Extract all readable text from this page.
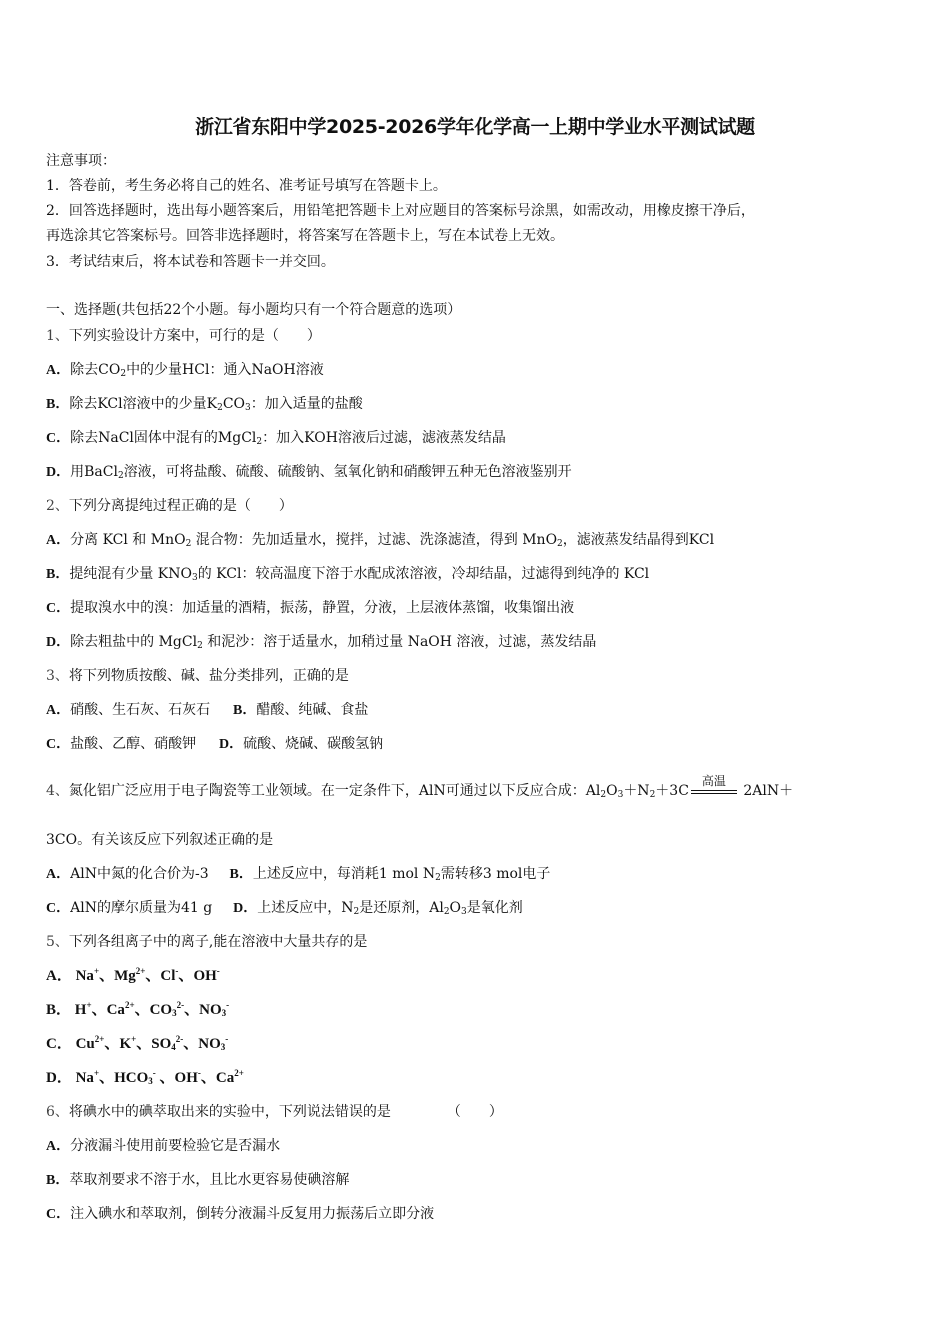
浙江省东阳中学2025-2026学年化学高一上期中学业水平测试试题
注意事项：
1．答卷前，考生务必将自己的姓名、准考证号填写在答题卡上。
2．回答选择题时，选出每小题答案后，用铅笔把答题卡上对应题目的答案标号涂黑，如需改动，用橡皮擦干净后，
再选涂其它答案标号。回答非选择题时，将答案写在答题卡上，写在本试卷上无效。
3．考试结束后，将本试卷和答题卡一并交回。
一、选择题(共包括22个小题。每小题均只有一个符合题意的选项）
1、下列实验设计方案中，可行的是（　　）
A．除去$CO_2$中的少量HCl：通入NaOH溶液
B．除去KCl溶液中的少量$K_2CO_3$：加入适量的盐酸
C．除去NaCl固体中混有的MgCl$_2$：加入KOH溶液后过滤，滤液蒸发结晶
D．用BaCl$_2$溶液，可将盐酸、硫酸、硫酸钠、氢氧化钠和硝酸钾五种无色溶液鉴别开
2、下列分离提纯过程正确的是（　　）
A．分离 KCl 和 MnO$_2$ 混合物：先加适量水，搅拌，过滤、洗涤滤渣，得到 MnO$_2$，滤液蒸发结晶得到KCl
B．提纯混有少量 $KNO_3$的 KCl：较高温度下溶于水配成浓溶液，冷却结晶，过滤得到纯净的 KCl
C．提取溴水中的溴：加适量的酒精，振荡，静置，分液，上层液体蒸馏，收集馏出液
D．除去粗盐中的 MgCl$_2$ 和泥沙：溶于适量水，加稍过量 NaOH 溶液，过滤，蒸发结晶
3、将下列物质按酸、碱、盐分类排列，正确的是
A．硝酸、生石灰、石灰石 B．醋酸、纯碱、食盐
C．盐酸、乙醇、硝酸钾 D．硫酸、烧碱、碳酸氢钠
4、氮化铝广泛应用于电子陶瓷等工业领域。在一定条件下，AlN可通过以下反应合成：$Al_2O_3+N_2+3C$
高温
2AlN＋
3CO。有关该反应下列叙述正确的是
A．AlN中氮的化合价为-3 B．上述反应中，每消耗1 mol $N_2$需转移3 mol电子
C．AlN的摩尔质量为41 g D．上述反应中，$N_2$是还原剂，$Al_2O_3$是氧化剂
5、下列各组离子中的离子,能在溶液中大量共存的是
A． Na+、$Mg^{2+}$、Cl-、OH-
B． H+、$Ca^{2+}$、$CO_3^{2-}$、$NO_3^-$
C． $Cu^{2+}$、K+、$SO_4^{2-}$、$NO_3^-$
D． Na+、$HCO_3^-$ 、OH-、$Ca^{2+}$
6、将碘水中的碘萃取出来的实验中，下列说法错误的是	（　　）
A．分液漏斗使用前要检验它是否漏水
B．萃取剂要求不溶于水，且比水更容易使碘溶解
C．注入碘水和萃取剂，倒转分液漏斗反复用力振荡后立即分液
